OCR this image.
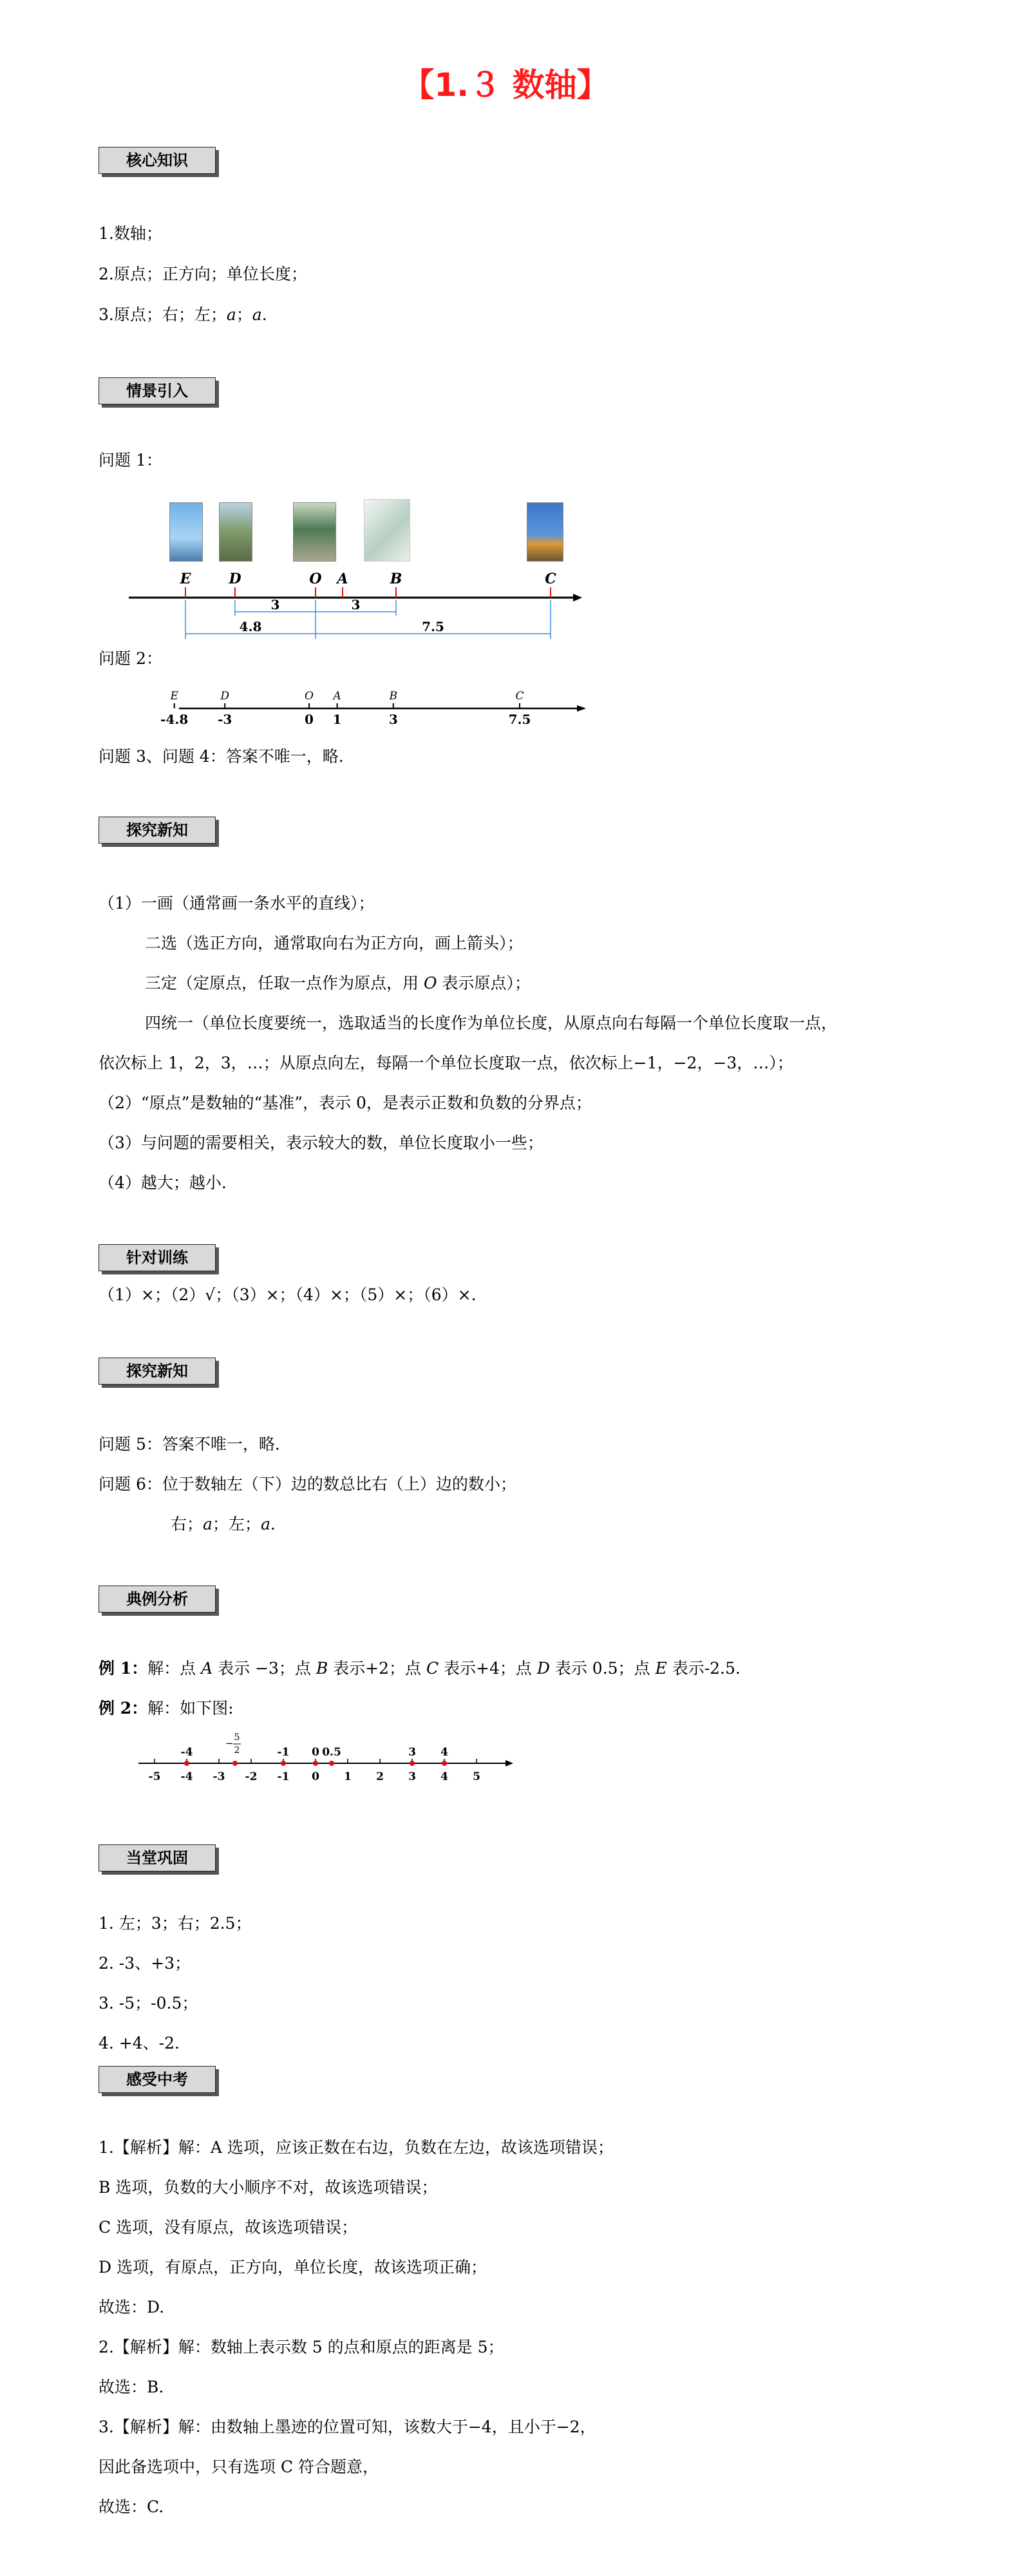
【1.３ 数轴】
核心知识
1.数轴；
2.原点；正方向；单位长度；
3.原点；右；左；a；a.
情景引入
问题 1：
E	D	O A	B	C
3	3
4.8	7.5
问题 2：
E
-4.8
D
-3
O
0
A
1
B
3
C
7.5
问题 3、问题 4：答案不唯一，略.
探究新知
（1）一画（通常画一条水平的直线）；
二选（选正方向，通常取向右为正方向，画上箭头）；
三定（定原点，任取一点作为原点，用 O 表示原点）；
四统一（单位长度要统一，选取适当的长度作为单位长度，从原点向右每隔一个单位长度取一点，
依次标上 1，2，3，…；从原点向左，每隔一个单位长度取一点，依次标上−1，−2，−3，…）；
（2）“原点”是数轴的“基准”，表示 0，是表示正数和负数的分界点；
（3）与问题的需要相关，表示较大的数，单位长度取小一些；
（4）越大；越小.
针对训练
（1）×；（2）√；（3）×；（4）×；（5）×；（6）×.
探究新知
问题 5：答案不唯一，略.
问题 6：位于数轴左（下）边的数总比右（上）边的数小；
右；a；左；a.
典例分析
例 1：解：点 A 表示 −3；点 B 表示+2；点 C 表示+4；点 D 表示 0.5；点 E 表示-2.5.
例 2：解：如下图:
-5 -4 -3 -2 -1 0 1 2 3 4 5
-4
− 5
2	-1 0 0.5	3 4
当堂巩固
1. 左；3；右；2.5；
2. -3、+3；
3. -5；-0.5；
4. +4、-2.
感受中考
1.【解析】解：A 选项，应该正数在右边，负数在左边，故该选项错误；
B 选项，负数的大小顺序不对，故该选项错误；
C 选项，没有原点，故该选项错误；
D 选项，有原点，正方向，单位长度，故该选项正确；
故选：D.
2.【解析】解：数轴上表示数 5 的点和原点的距离是 5；
故选：B.
3.【解析】解：由数轴上墨迹的位置可知，该数大于−4，且小于−2，
因此备选项中，只有选项 C 符合题意，
故选：C.
